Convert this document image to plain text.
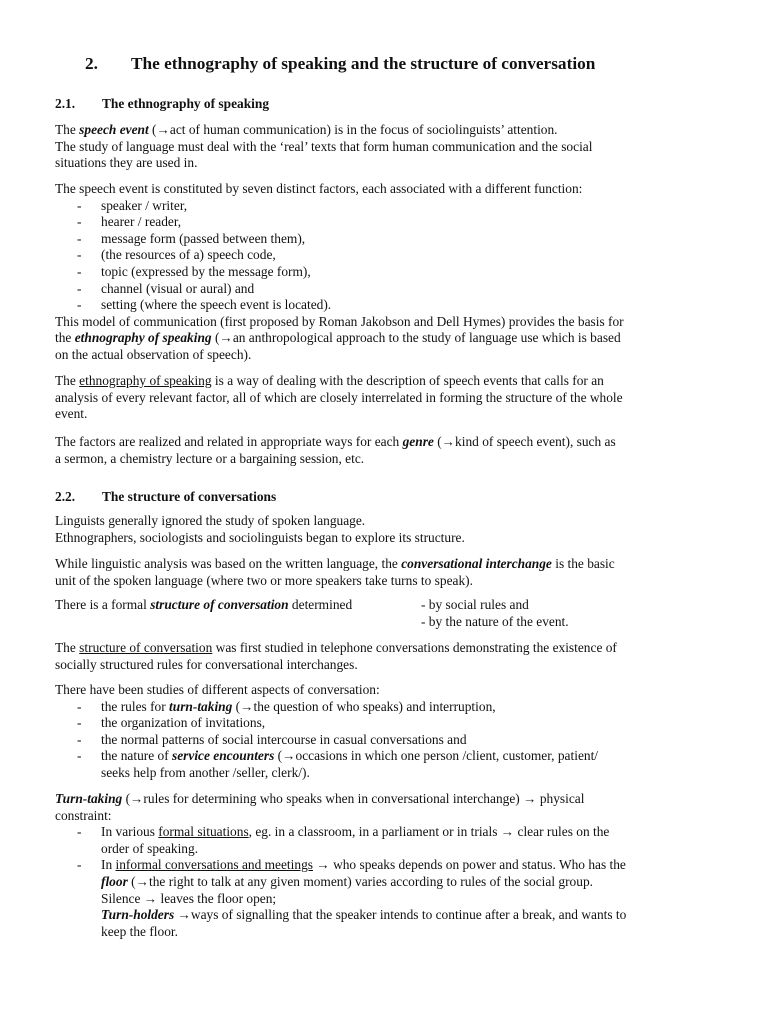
2. The ethnography of speaking and the structure of conversation
2.1. The ethnography of speaking
The speech event (→act of human communication) is in the focus of sociolinguists’ attention.
The study of language must deal with the ‘real’ texts that form human communication and the social
situations they are used in.
The speech event is constituted by seven distinct factors, each associated with a different function:
- speaker / writer,
- hearer / reader,
- message form (passed between them),
- (the resources of a) speech code,
- topic (expressed by the message form),
- channel (visual or aural) and
- setting (where the speech event is located).
This model of communication (first proposed by Roman Jakobson and Dell Hymes) provides the basis for
the ethnography of speaking (→an anthropological approach to the study of language use which is based
on the actual observation of speech).
The ethnography of speaking is a way of dealing with the description of speech events that calls for an
analysis of every relevant factor, all of which are closely interrelated in forming the structure of the whole
event.
The factors are realized and related in appropriate ways for each genre (→kind of speech event), such as
a sermon, a chemistry lecture or a bargaining session, etc.
2.2. The structure of conversations
Linguists generally ignored the study of spoken language.
Ethnographers, sociologists and sociolinguists began to explore its structure.
While linguistic analysis was based on the written language, the conversational interchange is the basic
unit of the spoken language (where two or more speakers take turns to speak).
There is a formal structure of conversation determined	- by social rules and
- by the nature of the event.
The structure of conversation was first studied in telephone conversations demonstrating the existence of
socially structured rules for conversational interchanges.
There have been studies of different aspects of conversation:
- the rules for turn-taking (→the question of who speaks) and interruption,
- the organization of invitations,
- the normal patterns of social intercourse in casual conversations and
- the nature of service encounters (→occasions in which one person /client, customer, patient/
seeks help from another /seller, clerk/).
Turn-taking (→rules for determining who speaks when in conversational interchange) → physical
constraint:
- In various formal situations, eg. in a classroom, in a parliament or in trials → clear rules on the
order of speaking.
- In informal conversations and meetings → who speaks depends on power and status. Who has the
floor (→the right to talk at any given moment) varies according to rules of the social group.
Silence → leaves the floor open;
Turn-holders →ways of signalling that the speaker intends to continue after a break, and wants to
keep the floor.
